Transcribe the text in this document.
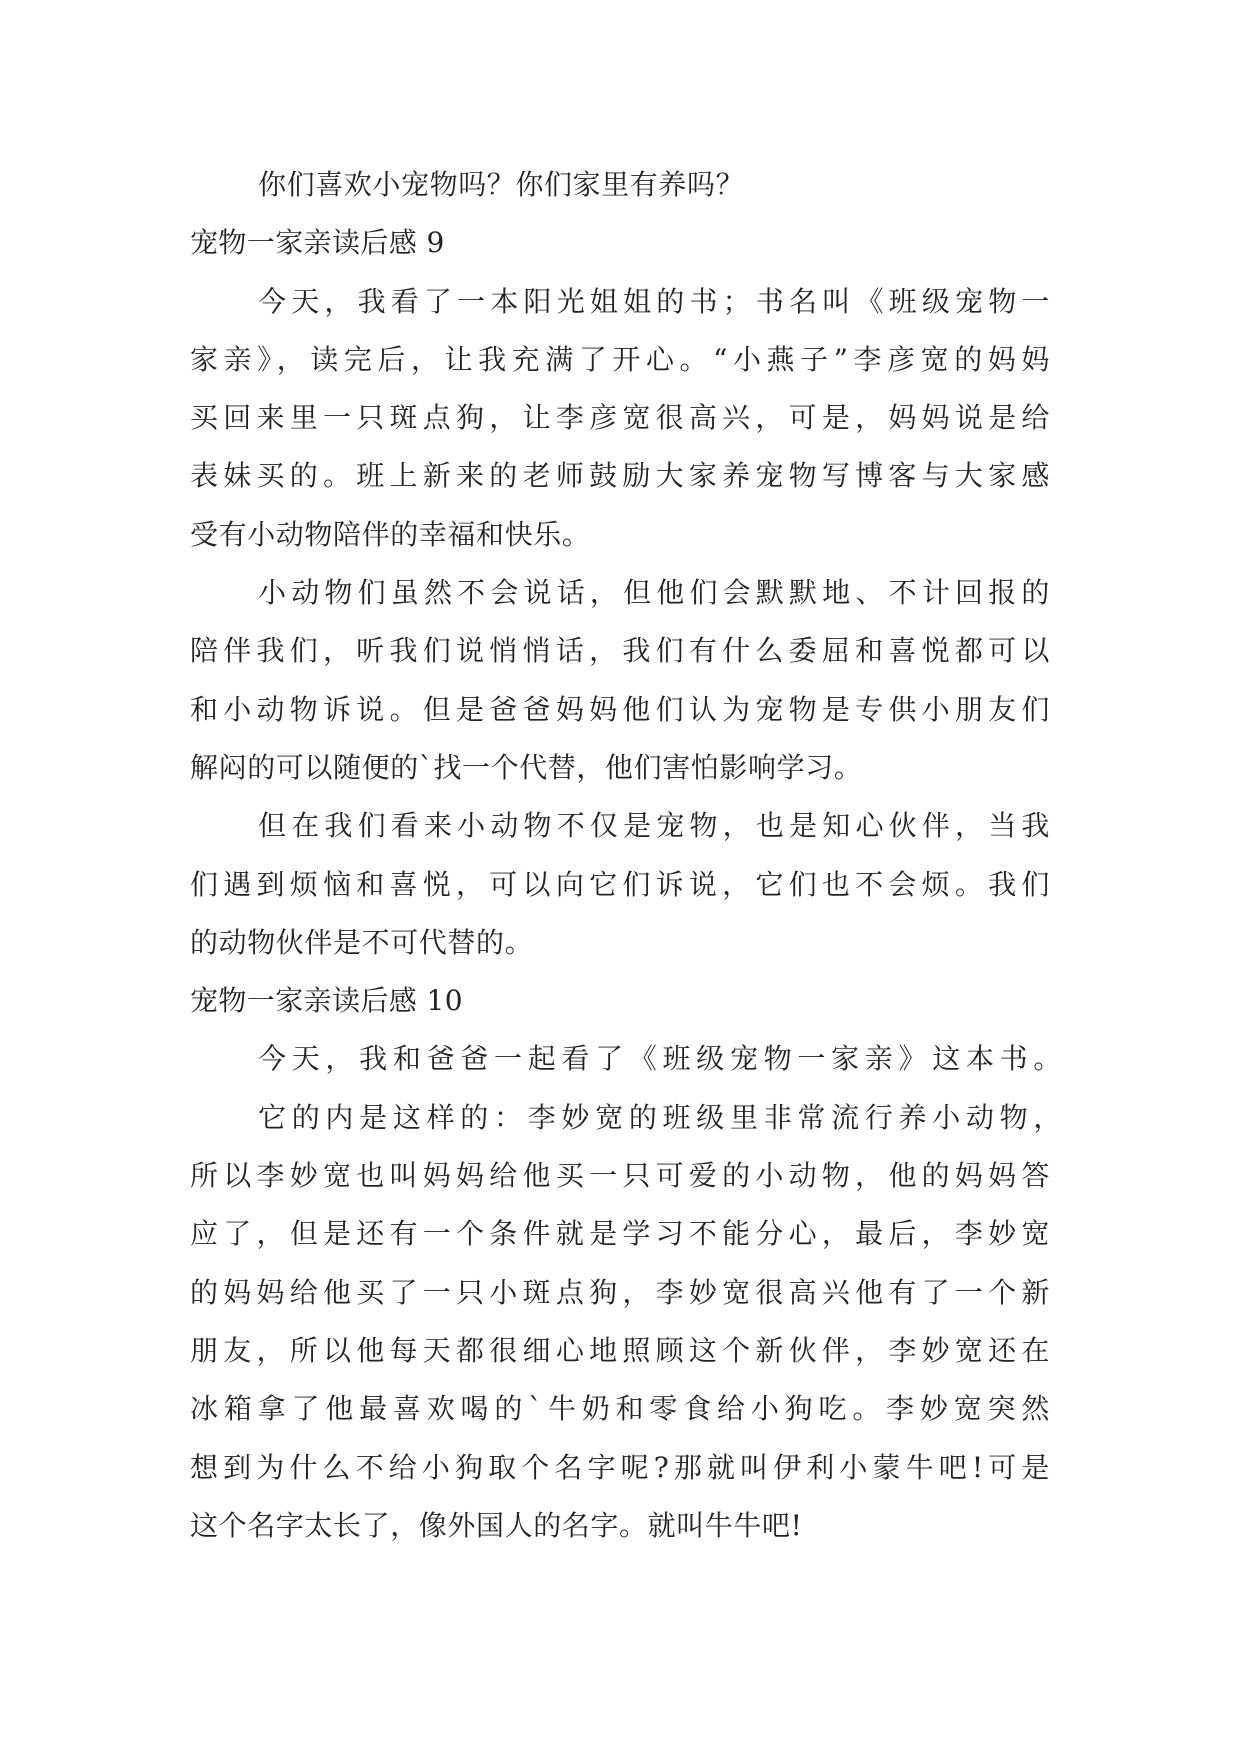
你们喜欢小宠物吗？你们家里有养吗？
宠物一家亲读后感 9
今天，我看了一本阳光姐姐的书；书名叫《班级宠物一
家亲》，读完后，让我充满了开心。“小燕子”李彦宽的妈妈
买回来里一只斑点狗，让李彦宽很高兴，可是，妈妈说是给
表妹买的。班上新来的老师鼓励大家养宠物写博客与大家感
受有小动物陪伴的幸福和快乐。
小动物们虽然不会说话，但他们会默默地、不计回报的
陪伴我们，听我们说悄悄话，我们有什么委屈和喜悦都可以
和小动物诉说。但是爸爸妈妈他们认为宠物是专供小朋友们
解闷的可以随便的`找一个代替，他们害怕影响学习。
但在我们看来小动物不仅是宠物，也是知心伙伴，当我
们遇到烦恼和喜悦，可以向它们诉说，它们也不会烦。我们
的动物伙伴是不可代替的。
宠物一家亲读后感 10
今天，我和爸爸一起看了《班级宠物一家亲》这本书。
它的内是这样的：李妙宽的班级里非常流行养小动物，
所以李妙宽也叫妈妈给他买一只可爱的小动物，他的妈妈答
应了，但是还有一个条件就是学习不能分心，最后，李妙宽
的妈妈给他买了一只小斑点狗，李妙宽很高兴他有了一个新
朋友，所以他每天都很细心地照顾这个新伙伴，李妙宽还在
冰箱拿了他最喜欢喝的`牛奶和零食给小狗吃。李妙宽突然
想到为什么不给小狗取个名字呢?那就叫伊利小蒙牛吧!可是
这个名字太长了，像外国人的名字。就叫牛牛吧!
